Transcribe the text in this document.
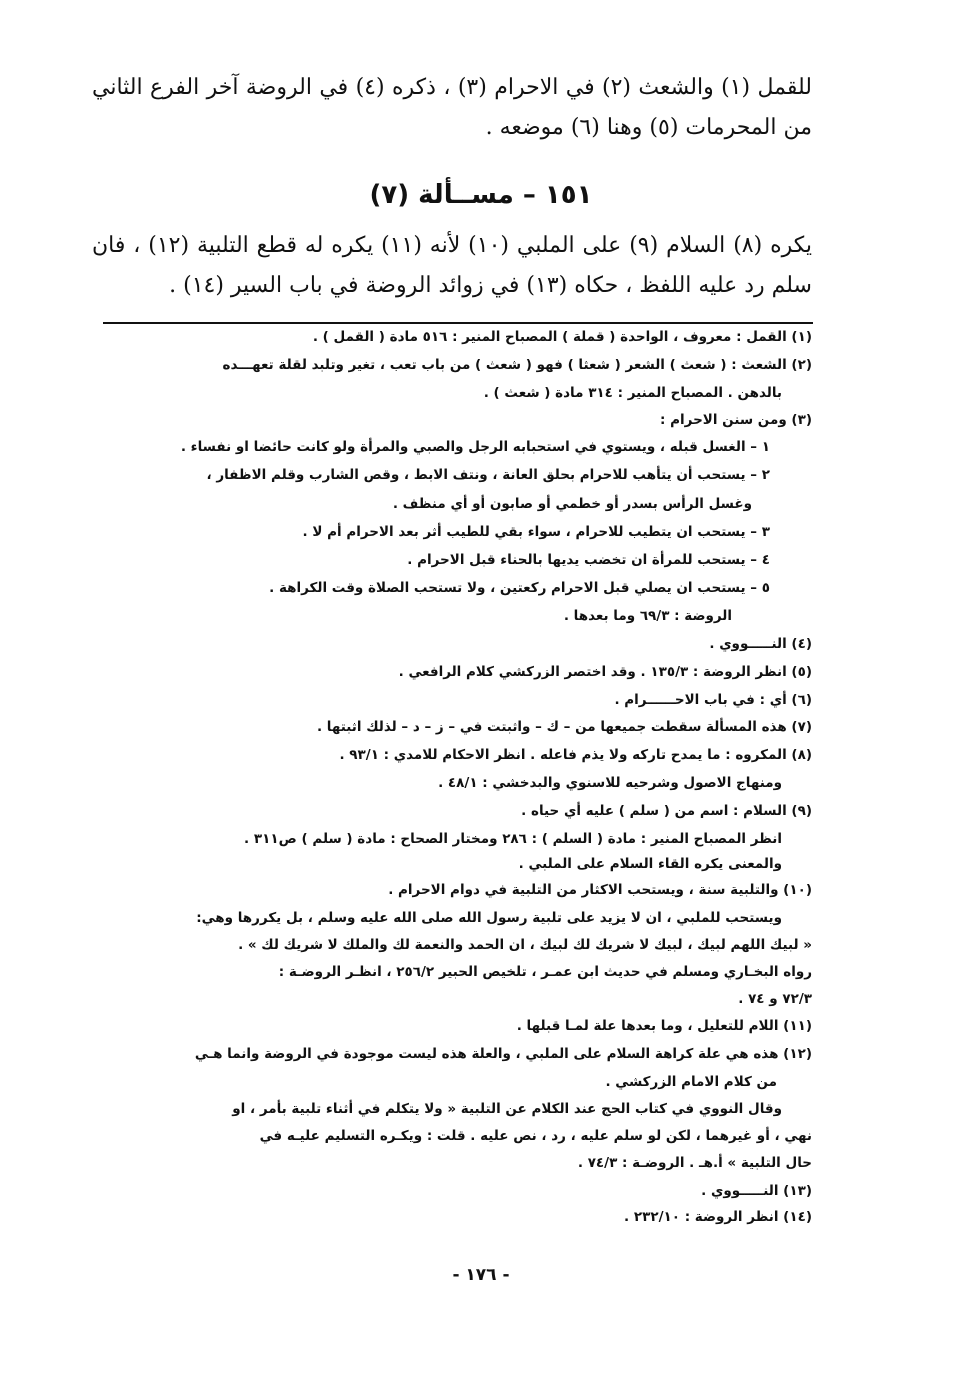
للقمل (١) والشعث (٢) في الاحرام (٣) ، ذكره (٤) في الروضة آخر الفرع الثاني من المحرمات (٥) وهنا (٦) موضعه .
١٥١ – مســألة (٧)
يكره (٨) السلام (٩) على الملبي (١٠) لأنه (١١) يكره له قطع التلبية (١٢) ، فان سلم رد عليه اللفظ ، حكاه (١٣) في زوائد الروضة في باب السير (١٤) .
(١) القمل : معروف ، الواحدة ( قملة ) المصباح المنير : ٥١٦ مادة ( القمل ) .
(٢) الشعث : ( شعث ) الشعر ( شعثا ) فهو ( شعث ) من باب تعب ، تغير وتلبد لقلة تعهـــده
بالدهن . المصباح المنير : ٣١٤ مادة ( شعث ) .
(٣) ومن سنن الاحرام :
١ – الغسل قبله ، ويستوي في استحبابه الرجل والصبي والمرأة ولو كانت حائضا او نفساء .
٢ – يستحب أن يتأهب للاحرام بحلق العانة ، ونتف الابط ، وقص الشارب وقلم الاظفار ،
وغسل الرأس بسدر أو خطمي أو صابون أو أي منظف .
٣ – يستحب ان يتطيب للاحرام ، سواء بقي للطيب أثر بعد الاحرام أم لا .
٤ – يستحب للمرأة ان تخضب يديها بالحناء قبل الاحرام .
٥ – يستحب ان يصلي قبل الاحرام ركعتين ، ولا تستحب الصلاة وقت الكراهة .
الروضة : ٦٩/٣ وما بعدها .
(٤) النـــــووي .
(٥) انظر الروضة : ١٣٥/٣ . وقد اختصر الزركشي كلام الرافعي .
(٦) أي : في باب الاحــــــرام .
(٧) هذه المسألة سقطت جميعها من – ك – واثبتت في – ز – د – لذلك اثبتها .
(٨) المكروه : ما يمدح تاركه ولا يذم فاعله . انظر الاحكام للامدي : ٩٣/١ .
ومنهاج الاصول وشرحيه للاسنوي والبدخشي : ٤٨/١ .
(٩) السلام : اسم من ( سلم ) عليه أي حياه .
انظر المصباح المنير : مادة ( السلم ) : ٢٨٦ ومختار الصحاح : مادة ( سلم ) ص٣١١ .
والمعنى يكره القاء السلام على الملبي .
(١٠) والتلبية سنة ، ويستحب الاكثار من التلبية في دوام الاحرام .
ويستحب للملبي ، ان لا يزيد على تلبية رسول الله صلى الله عليه وسلم ، بل يكررها وهي:
« لبيك اللهم لبيك ، لبيك لا شريك لك لبيك ، ان الحمد والنعمة لك والملك لا شريك لك » .
رواه البخـاري ومسلم في حديث ابن عمـر ، تلخيص الحبير ٢٥٦/٢ ، انظـر الروضـة :
٧٢/٣ و ٧٤ .
(١١) اللام للتعليل ، وما بعدها علة لمـا قبلها .
(١٢) هذه هي علة كراهة السلام على الملبي ، والعلة هذه ليست موجودة في الروضة وانما هـي
من كلام الامام الزركشي .
وقال النووي في كتاب الحج عند الكلام عن التلبية « ولا يتكلم في أثناء تلبية بأمر ، او
نهي ، أو غيرهما ، لكن لو سلم عليه ، رد ، نص عليه . قلت : ويكـره التسليم عليـه في
حال التلبية » أ.هـ . الروضـة : ٧٤/٣ .
(١٣) النـــــووي .
(١٤) انظر الروضة : ٢٣٢/١٠ .
- ١٧٦ -
